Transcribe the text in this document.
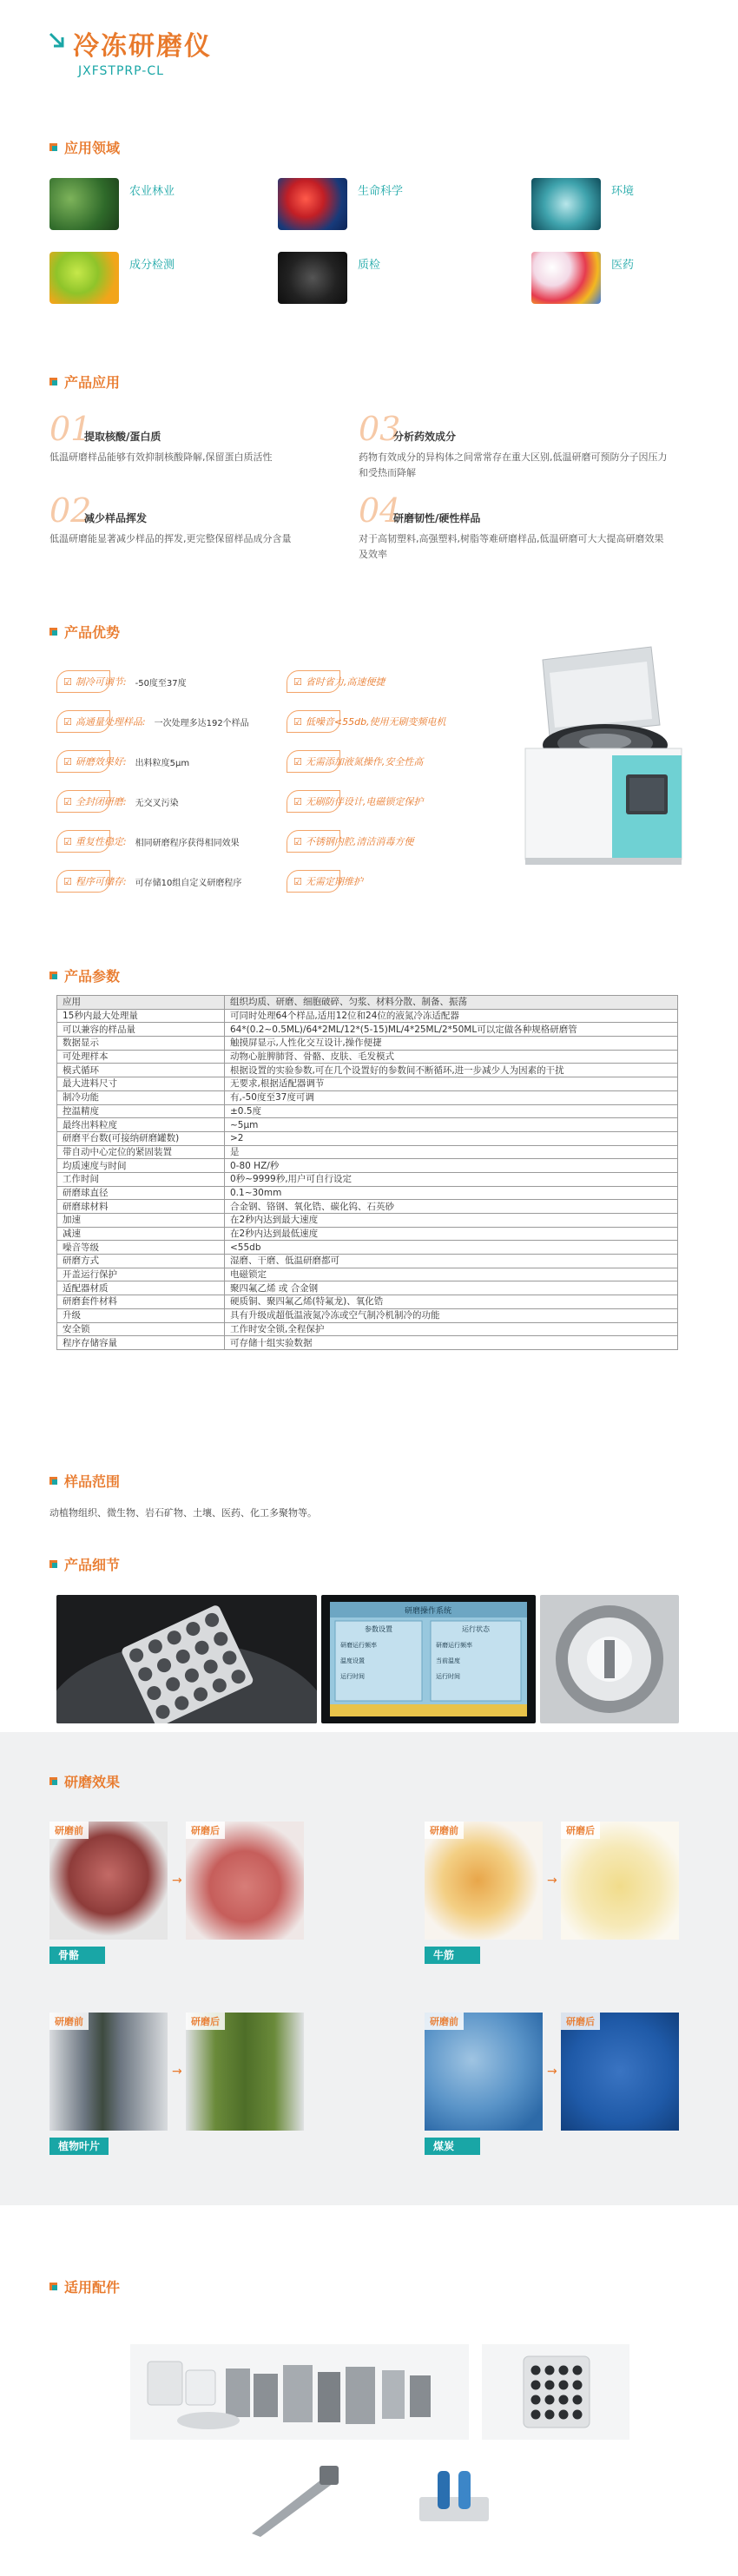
冷冻研磨仪
JXFSTPRP-CL
应用领域
农业林业	生命科学	环境
成分检测	质检	医药
产品应用
01
提取核酸/蛋白质
低温研磨样品能够有效抑制核酸降解,保留蛋白质活性
03
分析药效成分
药物有效成分的异构体之间常常存在重大区别,低温研磨可预防分子因压力和受热而降解
02
减少样品挥发
低温研磨能显著减少样品的挥发,更完整保留样品成分含量
04
研磨韧性/硬性样品
对于高韧塑料,高强塑料,树脂等难研磨样品,低温研磨可大大提高研磨效果及效率
产品优势
☑ 制冷可调节: -50度至37度
☑ 高通量处理样品: 一次处理多达192个样品
☑ 研磨效果好: 出料粒度5μm
☑ 全封闭研磨: 无交叉污染
☑ 重复性稳定: 相同研磨程序获得相同效果
☑ 程序可储存: 可存储10组自定义研磨程序
☑ 省时省力,高速便捷
☑ 低噪音<55db,使用无刷变频电机
☑ 无需添加液氮操作,安全性高
☑ 无刷防伴设计,电磁锁定保护
☑ 不锈钢内腔,清洁消毒方便
☑ 无需定期维护
产品参数
应用	组织均质、研磨、细胞破碎、匀浆、材料分散、制备、振荡
15秒内最大处理量	可同时处理64个样品,适用12位和24位的液氮冷冻适配器
可以兼容的样品量	64*(0.2~0.5ML)/64*2ML/12*(5-15)ML/4*25ML/2*50ML可以定做各种规格研磨管
数据显示	触摸屏显示,人性化交互设计,操作便捷
可处理样本	动物心脏脾肺肾、骨骼、皮肤、毛发模式
模式循环	根据设置的实验参数,可在几个设置好的参数间不断循环,进一步减少人为因素的干扰
最大进料尺寸	无要求,根据适配器调节
制冷功能	有,-50度至37度可调
控温精度	±0.5度
最终出料粒度	~5μm
研磨平台数(可接纳研磨罐数)	>2
带自动中心定位的紧固装置	是
均质速度与时间	0-80 HZ/秒
工作时间	0秒~9999秒,用户可自行设定
研磨球直径	0.1~30mm
研磨球材料	合金钢、铬钢、氧化锆、碳化钨、石英砂
加速	在2秒内达到最大速度
减速	在2秒内达到最低速度
噪音等级	<55db
研磨方式	湿磨、干磨、低温研磨都可
开盖运行保护	电磁锁定
适配器材质	聚四氟乙烯 或 合金钢
研磨套件材料	硬质铜、聚四氟乙烯(特氟龙)、氧化锆
升级	具有升级成超低温液氮冷冻或空气制冷机制冷的功能
安全锁	工作时安全锁,全程保护
程序存储容量	可存储十组实验数据
样品范围
动植物组织、微生物、岩石矿物、土壤、医药、化工多聚物等。
产品细节
研磨操作系统
参数设置	运行状态
研磨运行频率
温度设置
运行时间
研磨运行频率
当前温度
运行时间
研磨效果
研磨前
→
研磨后
骨骼
研磨前
→
研磨后
牛筋
研磨前
→
研磨后
植物叶片
研磨前
→
研磨后
煤炭
适用配件
